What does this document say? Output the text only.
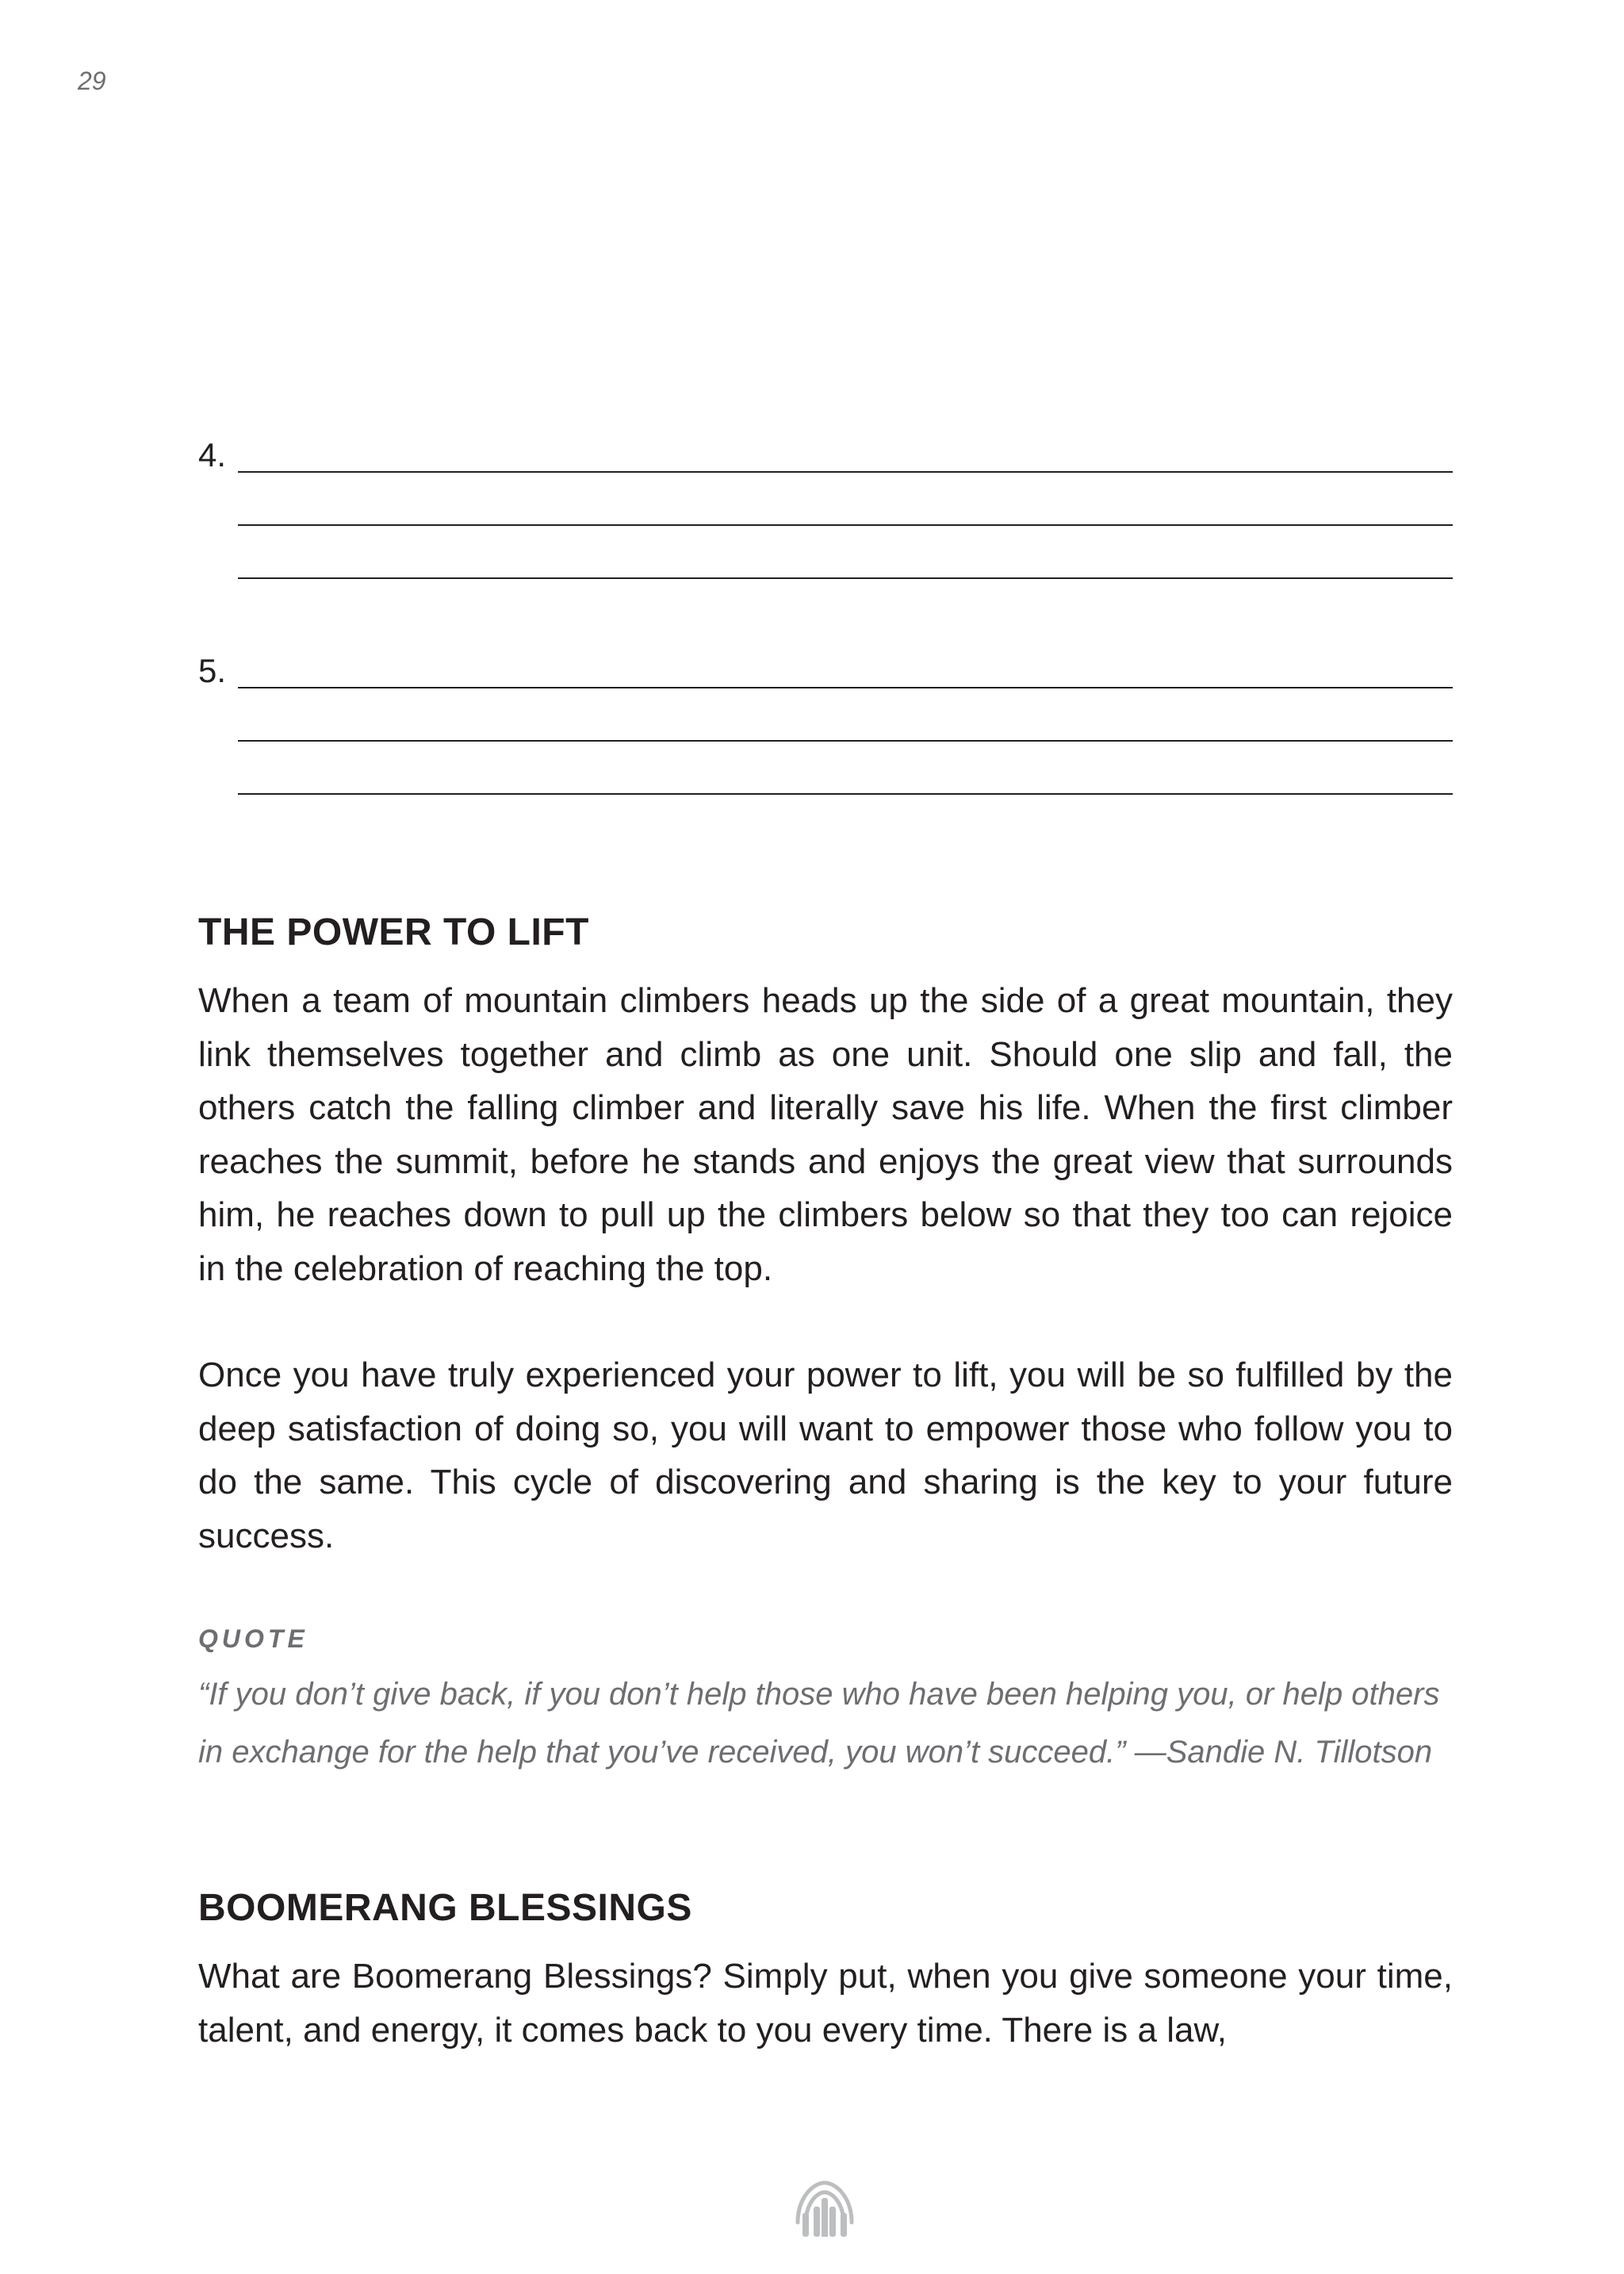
29
4.
5.
THE POWER TO LIFT

When a team of mountain climbers heads up the side of a great mountain, they link themselves together and climb as one unit. Should one slip and fall, the others catch the falling climber and literally save his life. When the first climber reaches the summit, before he stands and enjoys the great view that surrounds him, he reaches down to pull up the climbers below so that they too can rejoice in the celebration of reaching the top.

Once you have truly experienced your power to lift, you will be so fulfilled by the deep satisfaction of doing so, you will want to empower those who follow you to do the same. This cycle of discovering and sharing is the key to your future success.

QUOTE

“If you don’t give back, if you don’t help those who have been helping you, or help others in exchange for the help that you’ve received, you won’t succeed.” —Sandie N. Tillotson

BOOMERANG BLESSINGS

What are Boomerang Blessings? Simply put, when you give someone your time, talent, and energy, it comes back to you every time. There is a law,
